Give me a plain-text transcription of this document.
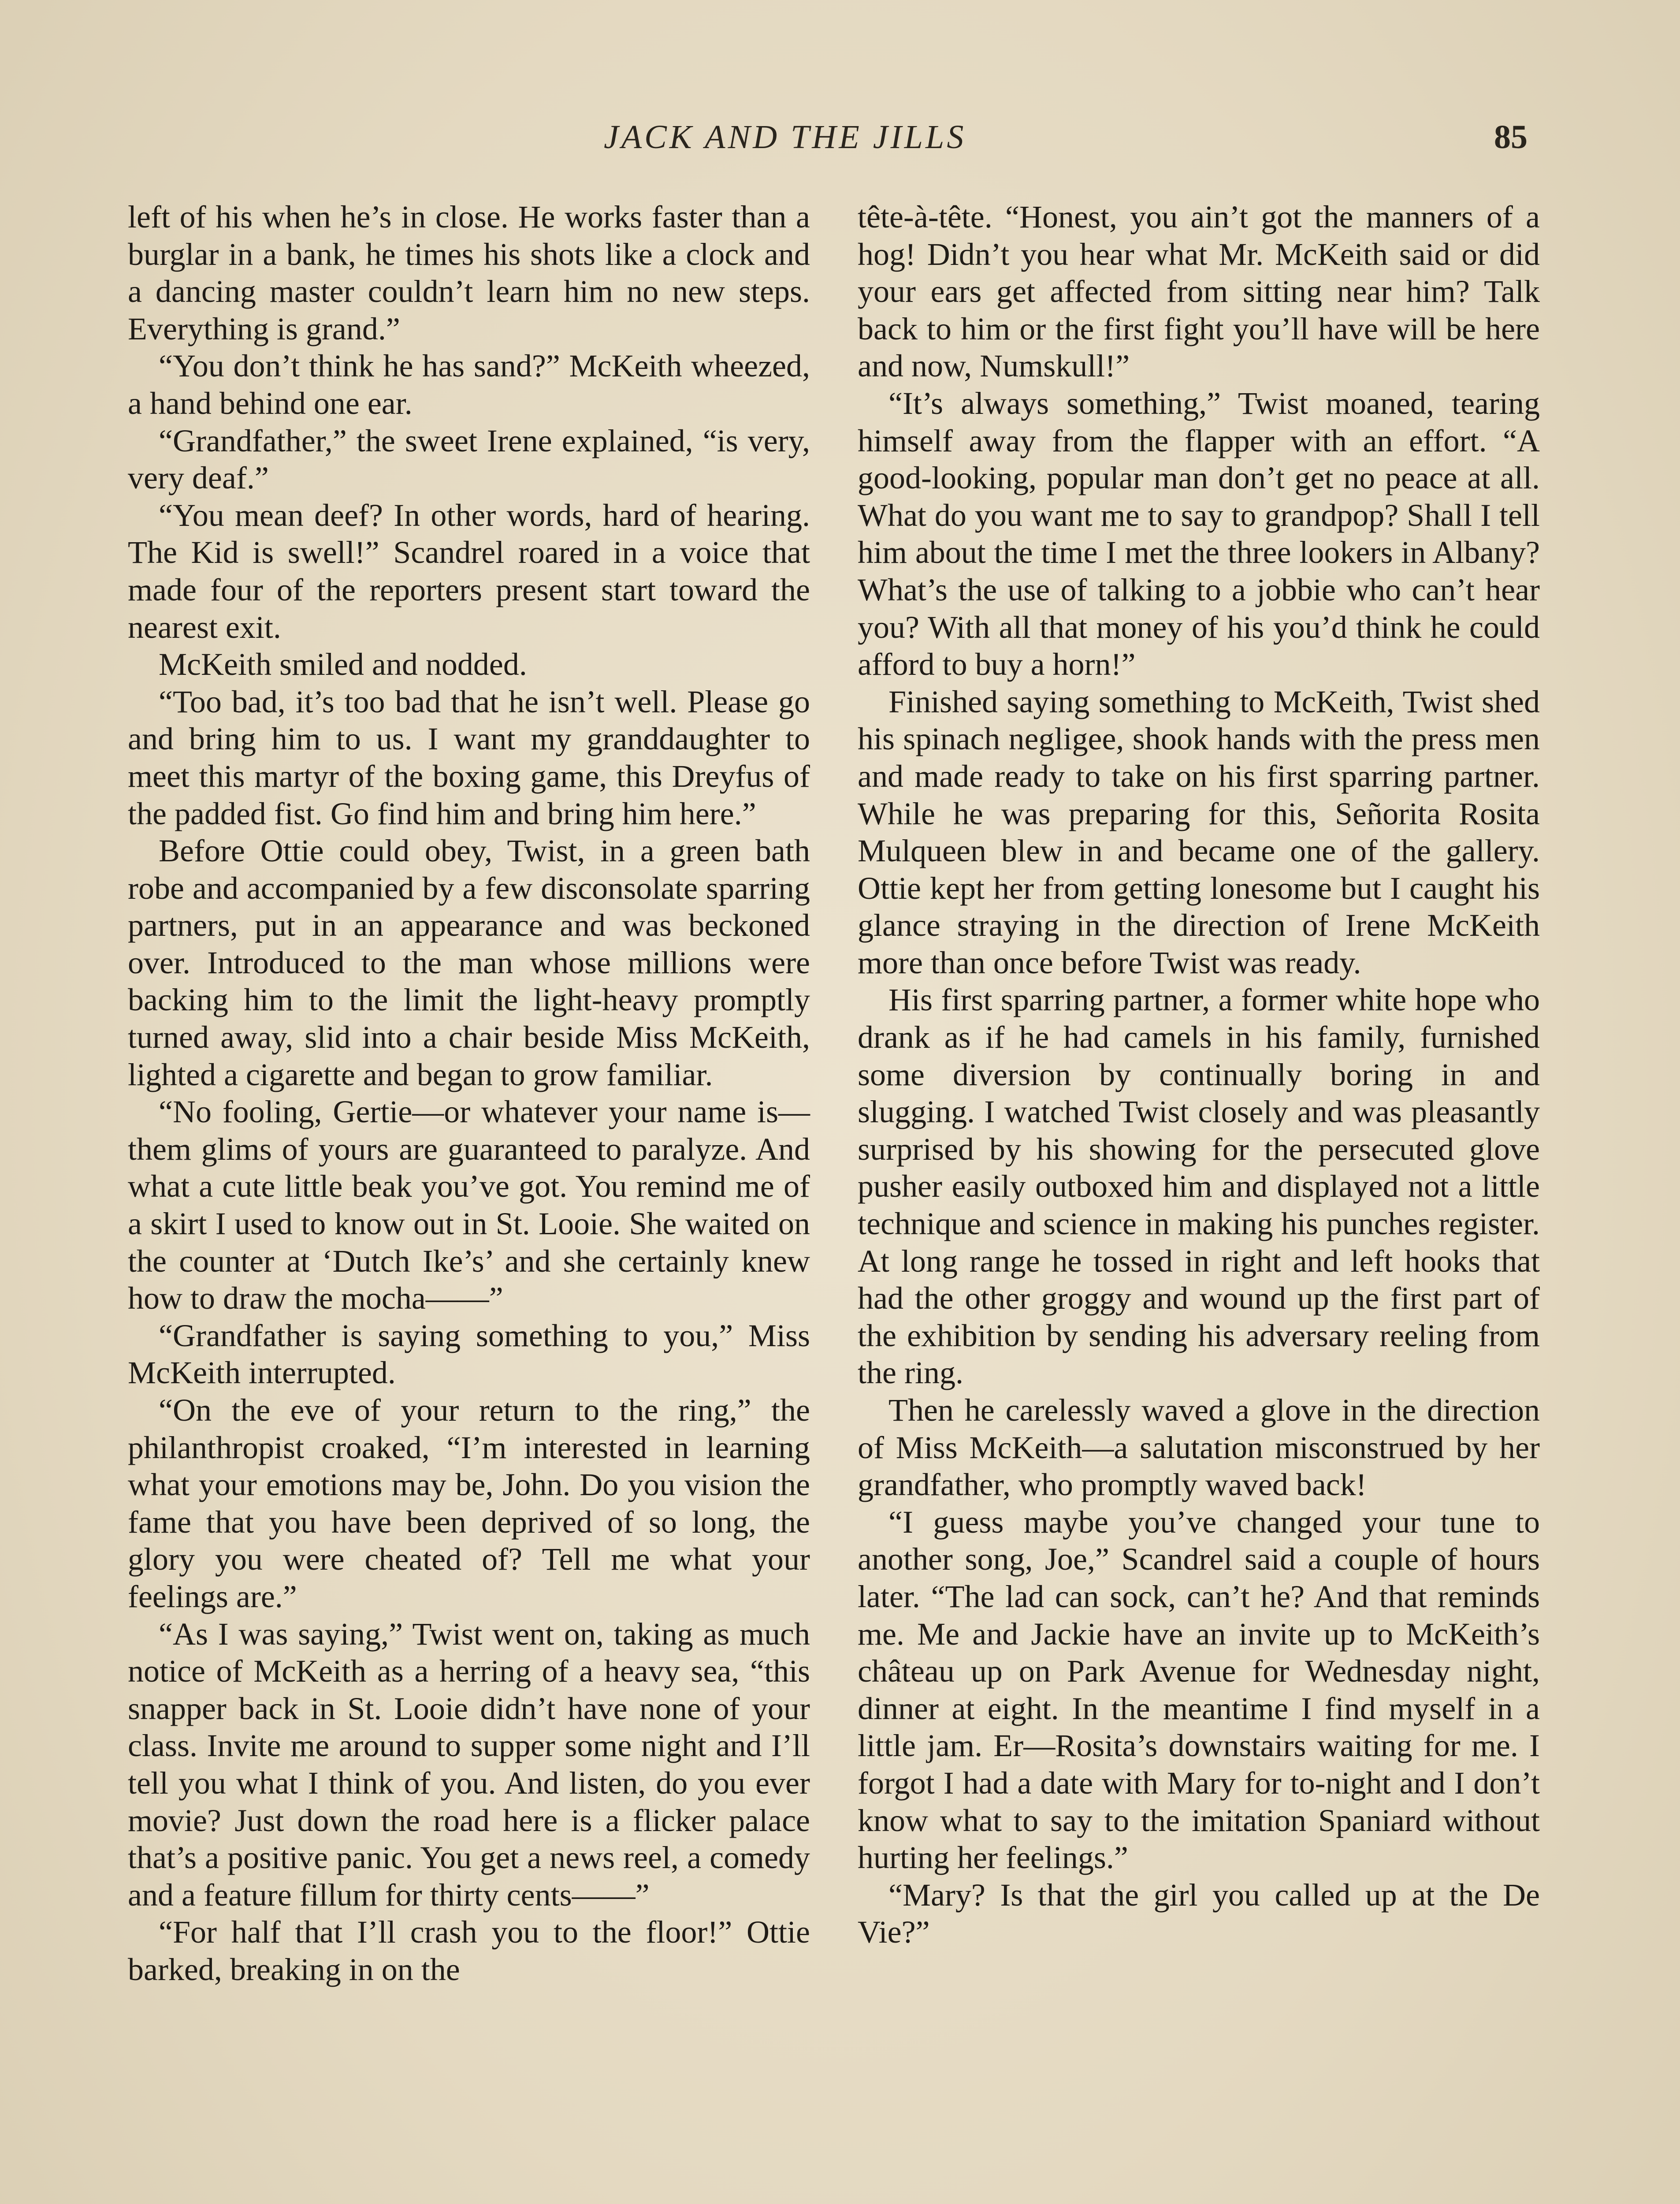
JACK AND THE JILLS	85

left of his when he’s in close. He works faster than a burglar in a bank, he times his shots like a clock and a dancing master couldn’t learn him no new steps. Everything is grand.”

“You don’t think he has sand?” McKeith wheezed, a hand behind one ear.

“Grandfather,” the sweet Irene explained, “is very, very deaf.”

“You mean deef? In other words, hard of hearing. The Kid is swell!” Scandrel roared in a voice that made four of the reporters present start toward the nearest exit.

McKeith smiled and nodded.

“Too bad, it’s too bad that he isn’t well. Please go and bring him to us. I want my granddaughter to meet this martyr of the boxing game, this Dreyfus of the padded fist. Go find him and bring him here.”

Before Ottie could obey, Twist, in a green bath robe and accompanied by a few disconsolate sparring partners, put in an appearance and was beckoned over. Introduced to the man whose millions were backing him to the limit the light-heavy promptly turned away, slid into a chair beside Miss McKeith, lighted a cigarette and began to grow familiar.

“No fooling, Gertie—or whatever your name is—them glims of yours are guaranteed to paralyze. And what a cute little beak you’ve got. You remind me of a skirt I used to know out in St. Looie. She waited on the counter at ‘Dutch Ike’s’ and she certainly knew how to draw the mocha——”

“Grandfather is saying something to you,” Miss McKeith interrupted.

“On the eve of your return to the ring,” the philanthropist croaked, “I’m interested in learning what your emotions may be, John. Do you vision the fame that you have been deprived of so long, the glory you were cheated of? Tell me what your feelings are.”

“As I was saying,” Twist went on, taking as much notice of McKeith as a herring of a heavy sea, “this snapper back in St. Looie didn’t have none of your class. Invite me around to supper some night and I’ll tell you what I think of you. And listen, do you ever movie? Just down the road here is a flicker palace that’s a positive panic. You get a news reel, a comedy and a feature fillum for thirty cents——”

“For half that I’ll crash you to the floor!” Ottie barked, breaking in on the

tête-à-tête. “Honest, you ain’t got the manners of a hog! Didn’t you hear what Mr. McKeith said or did your ears get affected from sitting near him? Talk back to him or the first fight you’ll have will be here and now, Numskull!”

“It’s always something,” Twist moaned, tearing himself away from the flapper with an effort. “A good-looking, popular man don’t get no peace at all. What do you want me to say to grandpop? Shall I tell him about the time I met the three lookers in Albany? What’s the use of talking to a jobbie who can’t hear you? With all that money of his you’d think he could afford to buy a horn!”

Finished saying something to McKeith, Twist shed his spinach negligee, shook hands with the press men and made ready to take on his first sparring partner. While he was preparing for this, Señorita Rosita Mulqueen blew in and became one of the gallery. Ottie kept her from getting lonesome but I caught his glance straying in the direction of Irene McKeith more than once before Twist was ready.

His first sparring partner, a former white hope who drank as if he had camels in his family, furnished some diversion by continually boring in and slugging. I watched Twist closely and was pleasantly surprised by his showing for the persecuted glove pusher easily outboxed him and displayed not a little technique and science in making his punches register. At long range he tossed in right and left hooks that had the other groggy and wound up the first part of the exhibition by sending his adversary reeling from the ring.

Then he carelessly waved a glove in the direction of Miss McKeith—a salutation misconstrued by her grandfather, who promptly waved back!

“I guess maybe you’ve changed your tune to another song, Joe,” Scandrel said a couple of hours later. “The lad can sock, can’t he? And that reminds me. Me and Jackie have an invite up to McKeith’s château up on Park Avenue for Wednesday night, dinner at eight. In the meantime I find myself in a little jam. Er—Rosita’s downstairs waiting for me. I forgot I had a date with Mary for to-night and I don’t know what to say to the imitation Spaniard without hurting her feelings.”

“Mary? Is that the girl you called up at the De Vie?”
